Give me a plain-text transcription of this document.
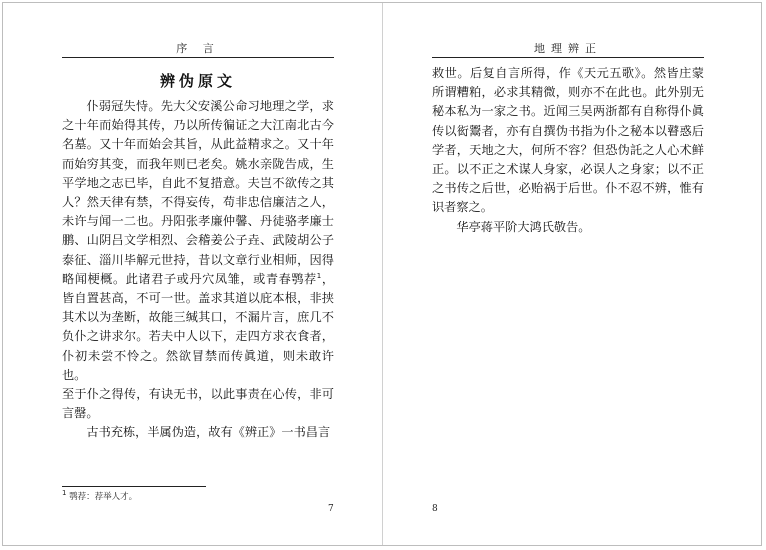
序 言
辨伪原文

仆弱冠失恃。先大父安溪公命习地理之学，求之十年而始得其传，乃以所传徧证之大江南北古今名墓。又十年而始会其旨，从此益精求之。又十年而始穷其变，而我年则已老矣。姚水亲陇告成，生平学地之志已毕，自此不复措意。夫岂不欲传之其人？然天律有禁，不得妄传，苟非忠信廉洁之人，未许与闻一二也。丹阳张孝廉仲馨、丹徒骆孝廉士鹏、山阴吕文学相烈、会稽姜公子垚、武陵胡公子泰征、淄川毕解元世持，昔以文章行业相师，因得略闻梗概。此诸君子或丹穴凤雏，或青春鹗荐$^1$，皆自置甚高，不可一世。盖求其道以庇本根，非挟其术以为垄断，故能三缄其口，不漏片言，庶几不负仆之讲求尔。若夫中人以下，走四方求衣食者，仆初未尝不怜之。然欲冒禁而传眞道，则未敢许也。

至于仆之得传，有诀无书，以此事责在心传，非可言罄。

古书充栋，半属伪造，故有《辨正》一书昌言

$^1$ 鹗荐：荐举人才。
7
地理辨正

救世。后复自言所得，作《天元五歌》。然皆庄蒙所谓糟粕，必求其精微，则亦不在此也。此外别无秘本私为一家之书。近闻三吴两浙都有自称得仆眞传以衒鬻者，亦有自撰伪书指为仆之秘本以瞽惑后学者，天地之大，何所不容？但恐伪託之人心术鲜正。以不正之术谋人身家，必误人之身家；以不正之书传之后世，必贻祸于后世。仆不忍不辨，惟有识者察之。

华亭蒋平阶大鸿氏敬告。

8
